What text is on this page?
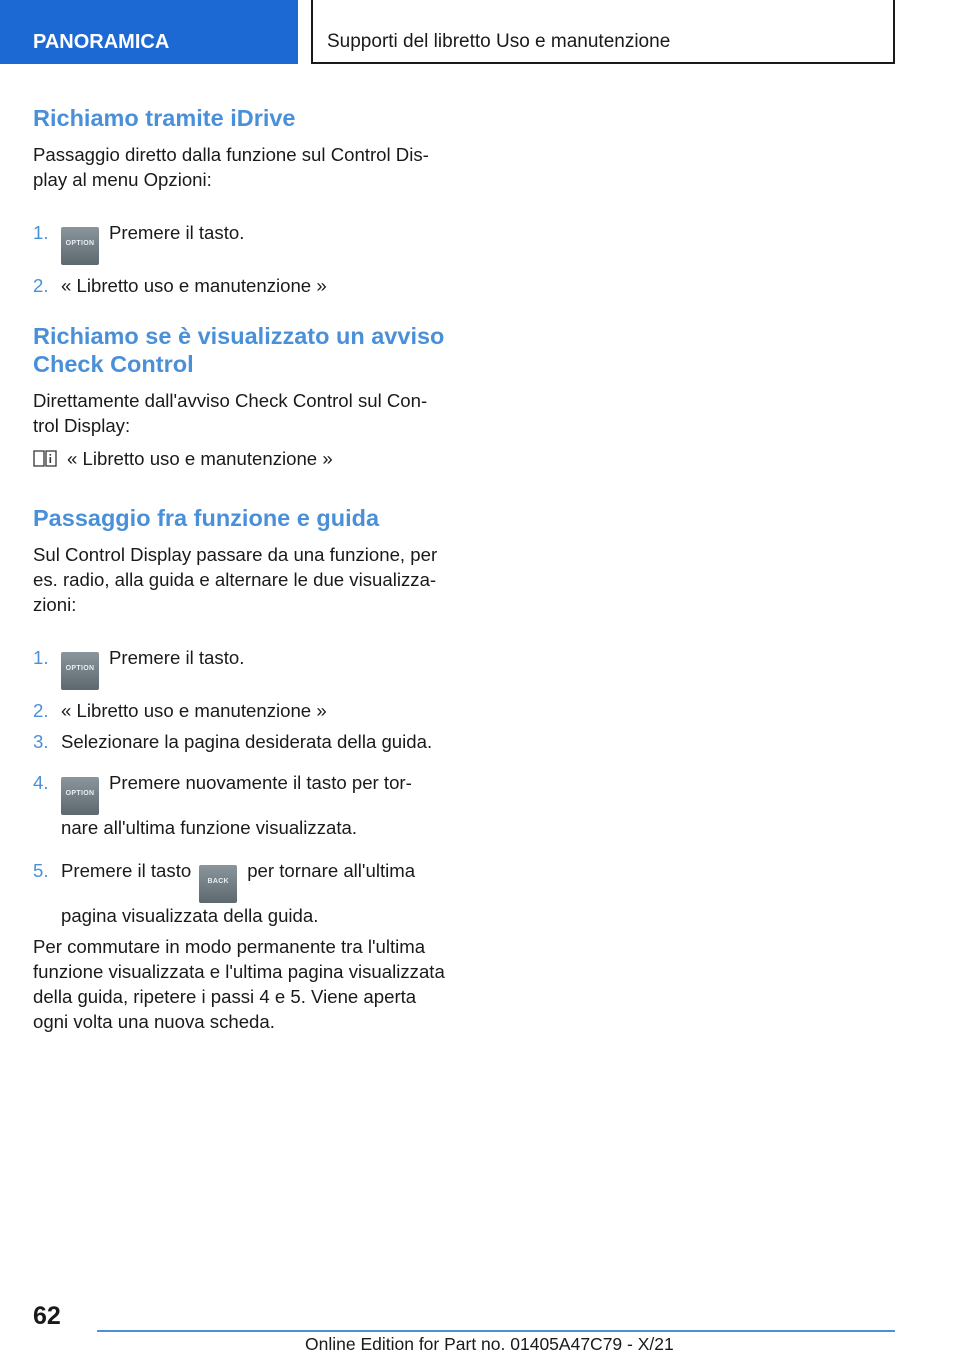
PANORAMICA	Supporti del libretto Uso e manutenzione
Richiamo tramite iDrive

Passaggio diretto dalla funzione sul Control Dis-
play al menu Opzioni:

1.
OPTIONPremere il tasto.
2. « Libretto uso e manutenzione »
Richiamo se è visualizzato un avviso
Check Control

Direttamente dall'avviso Check Control sul Con-
trol Display:

« Libretto uso e manutenzione »

Passaggio fra funzione e guida

Sul Control Display passare da una funzione, per
es. radio, alla guida e alternare le due visualizza-
zioni:

1.
OPTIONPremere il tasto.
2. « Libretto uso e manutenzione »
3. Selezionare la pagina desiderata della guida.
4.
OPTIONPremere nuovamente il tasto per tor-
nare all'ultima funzione visualizzata.
5. Premere il tastoBACKper tornare all'ultima
pagina visualizzata della guida.

Per commutare in modo permanente tra l'ultima
funzione visualizzata e l'ultima pagina visualizzata
della guida, ripetere i passi 4 e 5. Viene aperta
ogni volta una nuova scheda.

62
Online Edition for Part no. 01405A47C79 - X/21
